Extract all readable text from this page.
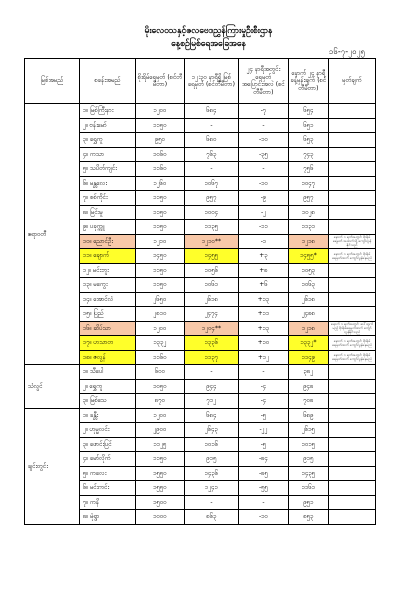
မိုးလေဝသနှင့်ဇလဗေဒညွှန်ကြားမှုဦးစီးဌာန
နေ့စဉ်မြစ်ရေအခြေအနေ
၁၆-၇-၂၀၂၅
မြစ်အမည်	စခန်းအမည်	စိုးရိမ်ရေမှတ် (စင်တီမီတာ)	၁၂:၃၀ နာရီရှိ မြစ်ရေမှတ် (စင်တီမီတာ)	၂၄ နာရီအတွင်း ရေမှတ်အပြောင်းအလဲ (စင်တီမီတာ)	နောက် ၂၄ နာရီ ခန့်မှန်းချက် (စင်တီမီတာ)	မှတ်ချက်
ဧရာဝတီ	၁။ မြစ်ကြီးနား	၁၂၀၀	၆၈၄	-၇	၆၅၄	
	၂။ ဗန်းမော်	၁၁၅၀	-	-	၆၅၁	
	၃။ ရွှေကူ	၉၅၀	၆၈၀	-၁၀	၆၅၃	
	၄။ ကသာ	၁၀၆၀	၇၆၃	-၃၅	၇၄၃	
	၅။ သပိတ်ကျင်း	၁၁၆၀	-	-	၇၅၆	
	၆။ မန္တလေး	၁၂၆၀	၁၀၆၇	-၁၀	၁၀၄၇	
	၇။ စစ်ကိုင်း	၁၁၅၀	၉၅၇	-၉	၉၅၇	
	၈။ မြင်းမူ	၁၁၅၀	၁၀၀၄	-၂	၁၀၂၈	
	၉။ ပခုက္ကူ	၁၁၅၀	၁၁၃၅	-၁၁	၁၁၃၁	
	၁၀။ ညောင်ဦး	၁၂၁၀	၁၂၁၀**	-၁	၁၂၁၈	နောက် ၁ ရက်အတွင်း စိုးရိမ်ရေမှတ် အထက်သို့ ကျော်လွန်နိုင်သည်
	၁၁။ ချောက်	၁၄၅၀	၁၄၅၅	+၃	၁၄၅၅*	နောက် ၁ ရက်အတွင်း စိုးရိမ်ရေမှတ်ထက် ကျော်လွန်နေမည်
	၁၂။ မင်းဘူး	၁၁၅၀	၁၀၅၆	+၈	၁၀၅၃	
	၁၃။ မကွေး	၁၁၅၀	၁၀၆၁	+၆	၁၀၆၃	
	၁၄။ အောင်လံ	၂၆၅၀	၂၆၁၈	+၁၃	၂၆၁၈	
	၁၅။ ပြည်	၂၈၁၀	၂၄၇၄	+၁၁	၂၄၈၈	
	၁၆။ ဆိပ်သာ	၁၂၀၀	၁၂၀၄**	+၁၃	၁၂၁၈	နောက် ၁ ရက်အတွင်း ပေါ်ထွက်မည့် စိုးရိမ်ရေမှတ်ထက် ကျော်လွန်နိုင်သည်
	၁၇။ ဟသာတ	၁၃၃၂	၁၃၃၆	+၁၀	၁၃၃၂*	နောက် ၁ ရက်အတွင်း စိုးရိမ်ရေမှတ်ထက် ကျော်လွန်နေမည်
	၁၈။ ဇလွန်	၁၁၆၀	၁၁၃၇	+၁၂	၁၁၄၉	နောက် ၁ ရက်အတွင်း စိုးရိမ်ရေမှတ်ထက် ကျော်လွန်နေမည်
သံလွင်	၁။ သီပေါ	၆၀၀	-	-	၃၈၂	
	၂။ ရွှေကူ	၁၀၅၀	၉၄၄	-၄	၉၄၈	
	၃။ မြစ်သေ	၈၇၀	၇၁၂	-၄	၇၀၈	
ချင်းတွင်း	၁။ ခန္တီး	၁၂၀၀	၆၈၄	-၅	၆၈၉	
	၂။ ဟုမ္မလင်း	၂၉၀၀	၂၆၄၃	-၂၂	၂၆၁၅	
	၃။ ဖောင်းပြင်	၁၁၂၅	၁၀၁၆	-၅	၁၀၁၅	
	၄။ မော်လိုက်	၁၁၅၀	၉၁၅	-၈၄	၉၁၅	
	၅။ ကလေး	၁၅၅၀	၁၄၃၆	-၈၅	၁၄၃၅	
	၆။ မင်းကင်း	၁၅၅၀	၁၂၄၁	-၅၅	၁၁၆၁	
	၇။ ကနိ	၁၅၀၀	-	-	၉၅၁	
	၈။ မုံရွာ	၁၀၀၀	၈၆၃	-၁၀	၈၅၃	
